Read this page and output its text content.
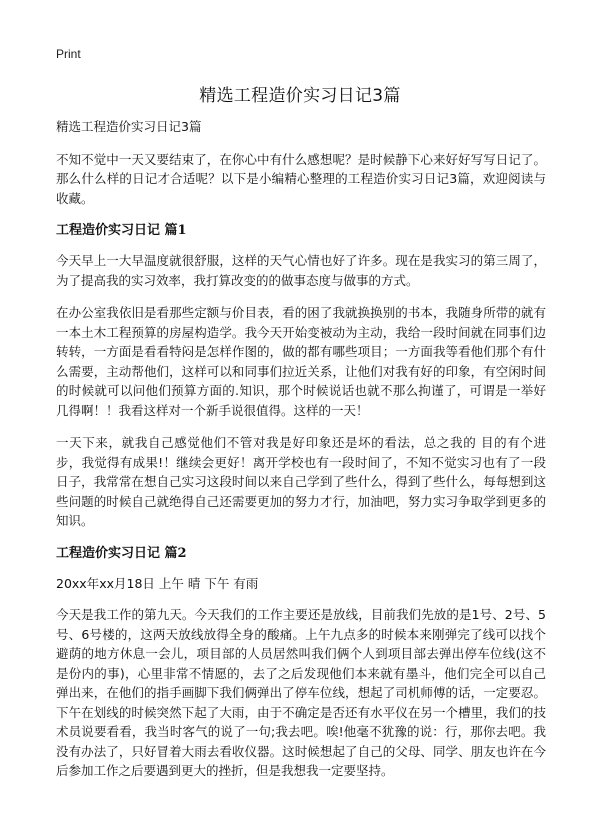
Print
精选工程造价实习日记3篇

精选工程造价实习日记3篇

不知不觉中一天又要结束了，在你心中有什么感想呢？是时候静下心来好好写写日记了。那么什么样的日记才合适呢？以下是小编精心整理的工程造价实习日记3篇，欢迎阅读与收藏。

工程造价实习日记 篇1

今天早上一大早温度就很舒服，这样的天气心情也好了许多。现在是我实习的第三周了，为了提高我的实习效率，我打算改变的的做事态度与做事的方式。

在办公室我依旧是看那些定额与价目表，看的困了我就换换别的书本，我随身所带的就有一本土木工程预算的房屋构造学。我今天开始变被动为主动，我给一段时间就在同事们边转转，一方面是看看特闷是怎样作图的，做的都有哪些项目；一方面我等看他们那个有什么需要，主动帮他们，这样可以和同事们拉近关系，让他们对我有好的印象，有空闲时间的时候就可以问他们预算方面的.知识，那个时候说话也就不那么拘谨了，可谓是一举好几得啊！！我看这样对一个新手说很值得。这样的一天！

一天下来，就我自己感觉他们不管对我是好印象还是坏的看法，总之我的 目的有个进步，我觉得有成果!！继续会更好！离开学校也有一段时间了，不知不觉实习也有了一段日子，我常常在想自己实习这段时间以来自己学到了些什么，得到了些什么，每每想到这些问题的时候自己就绝得自己还需要更加的努力才行，加油吧，努力实习争取学到更多的知识。

工程造价实习日记 篇2

20xx年xx月18日 上午 晴 下午 有雨

今天是我工作的第九天。今天我们的工作主要还是放线，目前我们先放的是1号、2号、5号、6号楼的，这两天放线放得全身的酸痛。上午九点多的时候本来刚弹完了线可以找个避荫的地方休息一会儿，项目部的人员居然叫我们俩个人到项目部去弹出停车位线(这不是份内的事)，心里非常不情愿的，去了之后发现他们本来就有墨斗，他们完全可以自己弹出来，在他们的指手画脚下我们俩弹出了停车位线，想起了司机师傅的话，一定要忍。下午在划线的时候突然下起了大雨，由于不确定是否还有水平仪在另一个槽里，我们的技术员说要看看，我当时客气的说了一句;我去吧。唉!他毫不犹豫的说：行，那你去吧。我没有办法了，只好冒着大雨去看收仪器。这时候想起了自己的父母、同学、朋友也许在今后参加工作之后要遇到更大的挫折，但是我想我一定要坚持。
